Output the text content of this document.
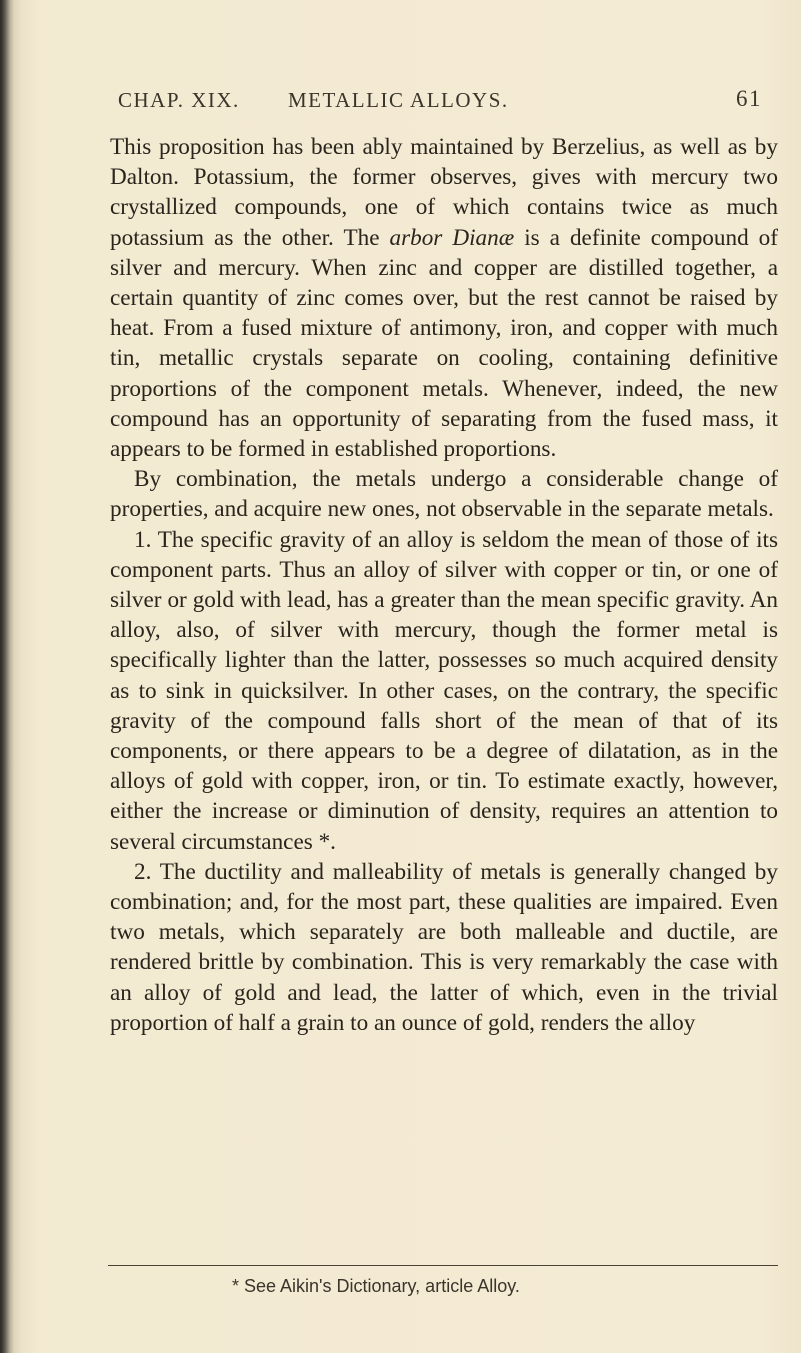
CHAP. XIX. METALLIC ALLOYS.	61

This proposition has been ably maintained by Berzelius, as well as by Dalton. Potassium, the former observes, gives with mercury two crystallized compounds, one of which contains twice as much potassium as the other. The arbor Dianæ is a definite compound of silver and mercury. When zinc and copper are distilled together, a certain quantity of zinc comes over, but the rest cannot be raised by heat. From a fused mixture of antimony, iron, and copper with much tin, metallic crystals separate on cooling, containing definitive proportions of the component metals. Whenever, indeed, the new compound has an opportunity of separating from the fused mass, it appears to be formed in established proportions.

By combination, the metals undergo a considerable change of properties, and acquire new ones, not observable in the separate metals.

1. The specific gravity of an alloy is seldom the mean of those of its component parts. Thus an alloy of silver with copper or tin, or one of silver or gold with lead, has a greater than the mean specific gravity. An alloy, also, of silver with mercury, though the former metal is specifically lighter than the latter, possesses so much acquired density as to sink in quicksilver. In other cases, on the contrary, the specific gravity of the compound falls short of the mean of that of its components, or there appears to be a degree of dilatation, as in the alloys of gold with copper, iron, or tin. To estimate exactly, however, either the increase or diminution of density, requires an attention to several circumstances *.

2. The ductility and malleability of metals is generally changed by combination; and, for the most part, these qualities are impaired. Even two metals, which separately are both malleable and ductile, are rendered brittle by combination. This is very remarkably the case with an alloy of gold and lead, the latter of which, even in the trivial proportion of half a grain to an ounce of gold, renders the alloy

* See Aikin's Dictionary, article Alloy.
